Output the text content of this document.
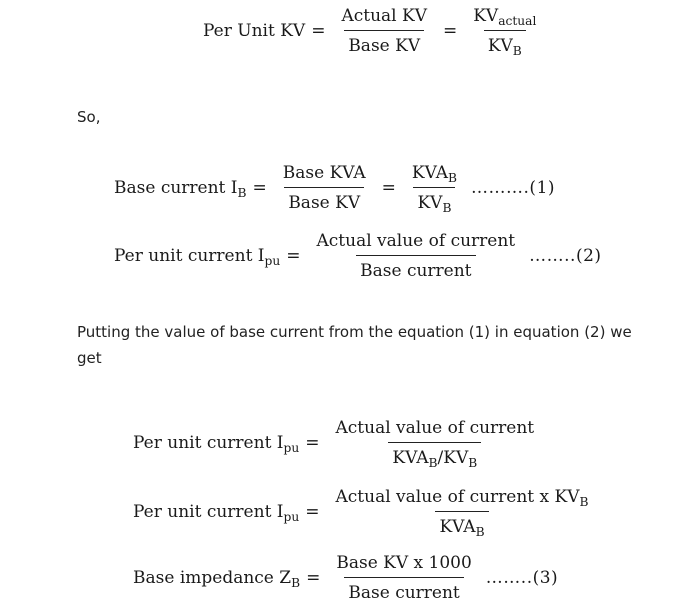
Per Unit KV = $\frac{\text{Actual KV}}{\text{Base KV}} = \frac{KV_{actual}}{KV_B}$
So,
Base current $I_B = \frac{\text{Base KVA}}{\text{Base KV}} = \frac{KVA_B}{KV_B}$ ……….(1)
Per unit current $I_{pu} = \frac{\text{Actual value of current}}{\text{Base current}}$ ……..(2)
Putting the value of base current from the equation (1) in equation (2) we get
Per unit current $I_{pu} = \frac{\text{Actual value of current}}{KVA_B/KV_B}$
Per unit current $I_{pu} = \frac{Actual value of current x KV_B}{KVA_B}$
Base impedance $Z_B = \frac{\text{Base KV x 1000}}{\text{Base current}}$ ……..(3)
